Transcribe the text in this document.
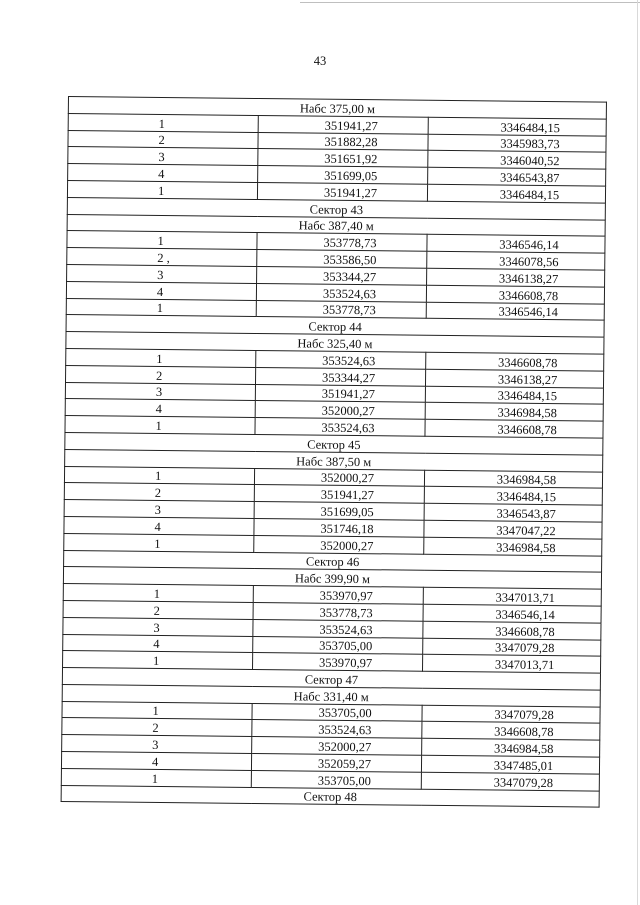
43
Набс 375,00 м		
1	351941,27	3346484,15
2	351882,28	3345983,73
3	351651,92	3346040,52
4	351699,05	3346543,87
1	351941,27	3346484,15
Сектор 43		
Набс 387,40 м		
1	353778,73	3346546,14
2 ,	353586,50	3346078,56
3	353344,27	3346138,27
4	353524,63	3346608,78
1	353778,73	3346546,14
Сектор 44		
Набс 325,40 м		
1	353524,63	3346608,78
2	353344,27	3346138,27
3	351941,27	3346484,15
4	352000,27	3346984,58
1	353524,63	3346608,78
Сектор 45		
Набс 387,50 м		
1	352000,27	3346984,58
2	351941,27	3346484,15
3	351699,05	3346543,87
4	351746,18	3347047,22
1	352000,27	3346984,58
Сектор 46		
Набс 399,90 м		
1	353970,97	3347013,71
2	353778,73	3346546,14
3	353524,63	3346608,78
4	353705,00	3347079,28
1	353970,97	3347013,71
Сектор 47		
Набс 331,40 м		
1	353705,00	3347079,28
2	353524,63	3346608,78
3	352000,27	3346984,58
4	352059,27	3347485,01
1	353705,00	3347079,28
Сектор 48		
